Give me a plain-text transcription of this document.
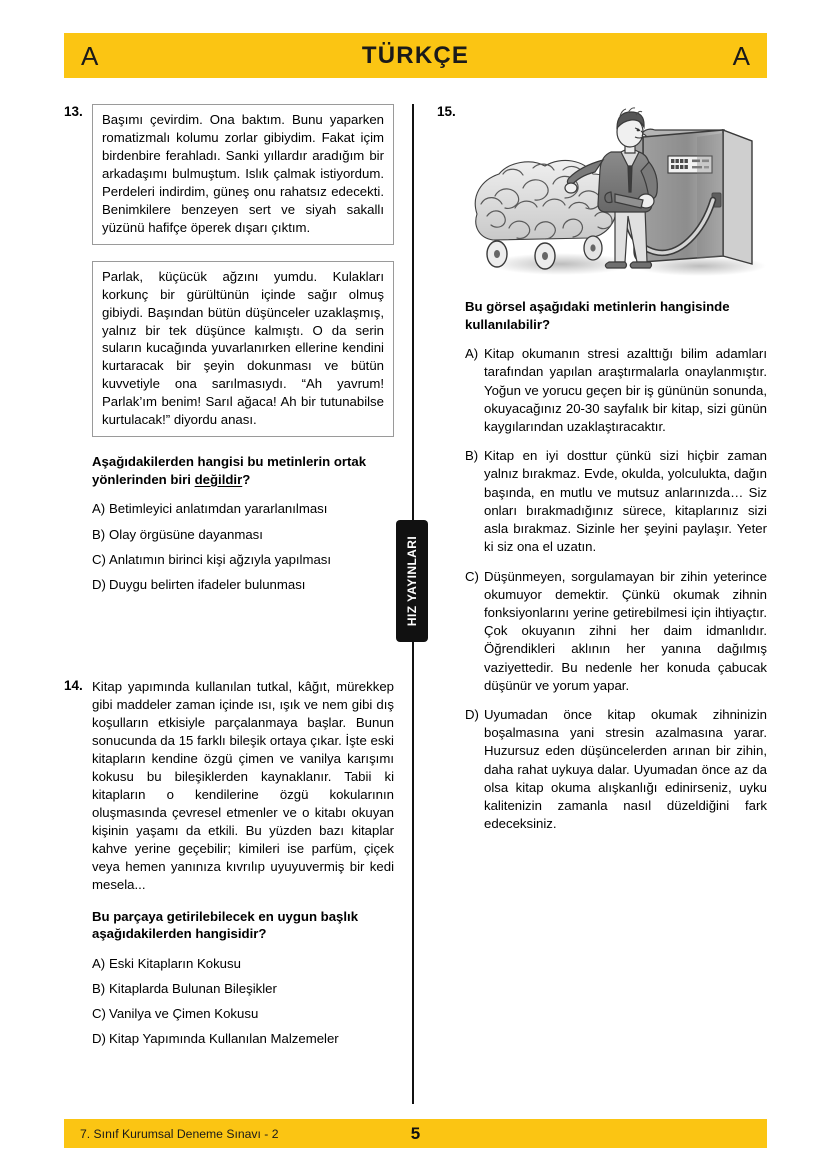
A	TÜRKÇE	A
HIZ YAYINLARI
13.
Başımı çevirdim. Ona baktım. Bunu yaparken romatizmalı kolumu zorlar gibiydim. Fakat içim birdenbire ferahladı. Sanki yıllardır aradığım bir arkadaşımı bulmuştum. Islık çalmak istiyordum. Perdeleri indirdim, güneş onu rahatsız edecekti. Benimkilere benzeyen sert ve siyah sakallı yüzünü hafifçe öperek dışarı çıktım.
Parlak, küçücük ağzını yumdu. Kulakları korkunç bir gürültünün içinde sağır olmuş gibiydi. Başından bütün düşünceler uzaklaşmış, yalnız bir tek düşünce kalmıştı. O da serin suların kucağında yuvarlanırken ellerine kendini kurtaracak bir şeyin dokunması ve bütün kuvvetiyle ona sarılmasıydı. “Ah yavrum! Parlak’ım benim! Sarıl ağaca! Ah bir tutunabilse kurtulacak!” diyordu anası.

Aşağıdakilerden hangisi bu metinlerin ortak yönlerinden biri değildir?

A) Betimleyici anlatımdan yararlanılması
B) Olay örgüsüne dayanması
C) Anlatımın birinci kişi ağzıyla yapılması
D) Duygu belirten ifadeler bulunması
14. Kitap yapımında kullanılan tutkal, kâğıt, mürekkep gibi maddeler zaman içinde ısı, ışık ve nem gibi dış koşulların etkisiyle parçalanmaya başlar. Bunun sonucunda da 15 farklı bileşik ortaya çıkar. İşte eski kitapların kendine özgü çimen ve vanilya karışımı kokusu bu bileşiklerden kaynaklanır. Tabii ki kitapların o kendilerine özgü kokularının oluşmasında çevresel etmenler ve o kitabı okuyan kişinin yaşamı da etkili. Bu yüzden bazı kitaplar kahve yerine geçebilir; kimileri ise parfüm, çiçek veya hemen yanınıza kıvrılıp uyuyuvermiş bir kedi mesela...

Bu parçaya getirilebilecek en uygun başlık aşağıdakilerden hangisidir?

A) Eski Kitapların Kokusu
B) Kitaplarda Bulunan Bileşikler
C) Vanilya ve Çimen Kokusu
D) Kitap Yapımında Kullanılan Malzemeler
15.

Bu görsel aşağıdaki metinlerin hangisinde kullanılabilir?

A) Kitap okumanın stresi azalttığı bilim adamları tarafından yapılan araştırmalarla onaylanmıştır. Yoğun ve yorucu geçen bir iş gününün sonunda, okuyacağınız 20-30 sayfalık bir kitap, sizi günün kaygılarından uzaklaştıracaktır.
B) Kitap en iyi dosttur çünkü sizi hiçbir zaman yalnız bırakmaz. Evde, okulda, yolculukta, dağın başında, en mutlu ve mutsuz anlarınızda… Siz onları bırakmadığınız sürece, kitaplarınız sizi asla bırakmaz. Sizinle her şeyini paylaşır. Yeter ki siz ona el uzatın.
C) Düşünmeyen, sorgulamayan bir zihin yeterince okumuyor demektir. Çünkü okumak zihnin fonksiyonlarını yerine getirebilmesi için ihtiyaçtır. Çok okuyanın zihni her daim idmanlıdır. Öğrendikleri aklının her yanına dağılmış vaziyettedir. Bu nedenle her konuda çabucak düşünür ve yorum yapar.
D) Uyumadan önce kitap okumak zihninizin boşalmasına yani stresin azalmasına yarar. Huzursuz eden düşüncelerden arınan bir zihin, daha rahat uykuya dalar. Uyumadan önce az da olsa kitap okuma alışkanlığı edinirseniz, uyku kalitenizin zamanla nasıl düzeldiğini fark edeceksiniz.
7. Sınıf Kurumsal Deneme Sınavı - 2	5
